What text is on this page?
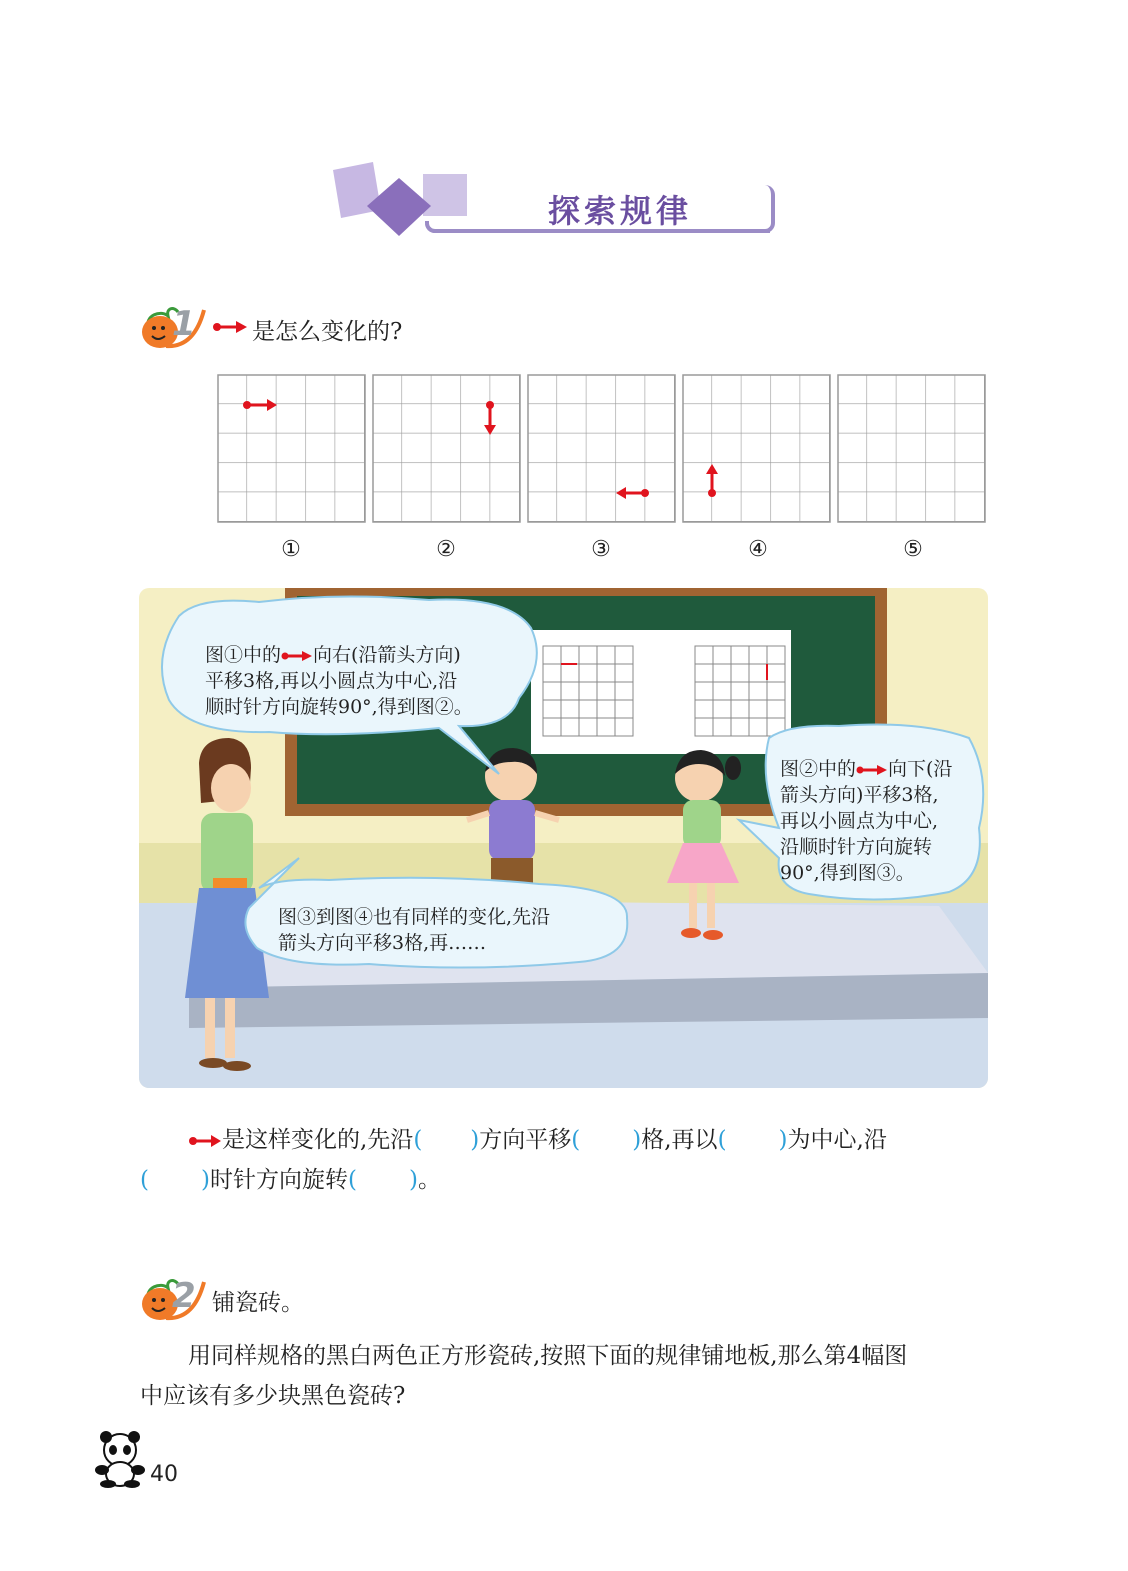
探索规律
1 是怎么变化的?
①	②	③	④	⑤
图①中的 向右(沿箭头方向)
平移3格,再以小圆点为中心,沿
顺时针方向旋转90°,得到图②。
图②中的 向下(沿
箭头方向)平移3格,
再以小圆点为中心,
沿顺时针方向旋转
90°,得到图③。
图③到图④也有同样的变化,先沿
箭头方向平移3格,再……
是这样变化的,先沿( )方向平移( )格,再以( )为中心,沿
( )时针方向旋转( )。
2 铺瓷砖。
用同样规格的黑白两色正方形瓷砖,按照下面的规律铺地板,那么第4幅图
中应该有多少块黑色瓷砖?
40
